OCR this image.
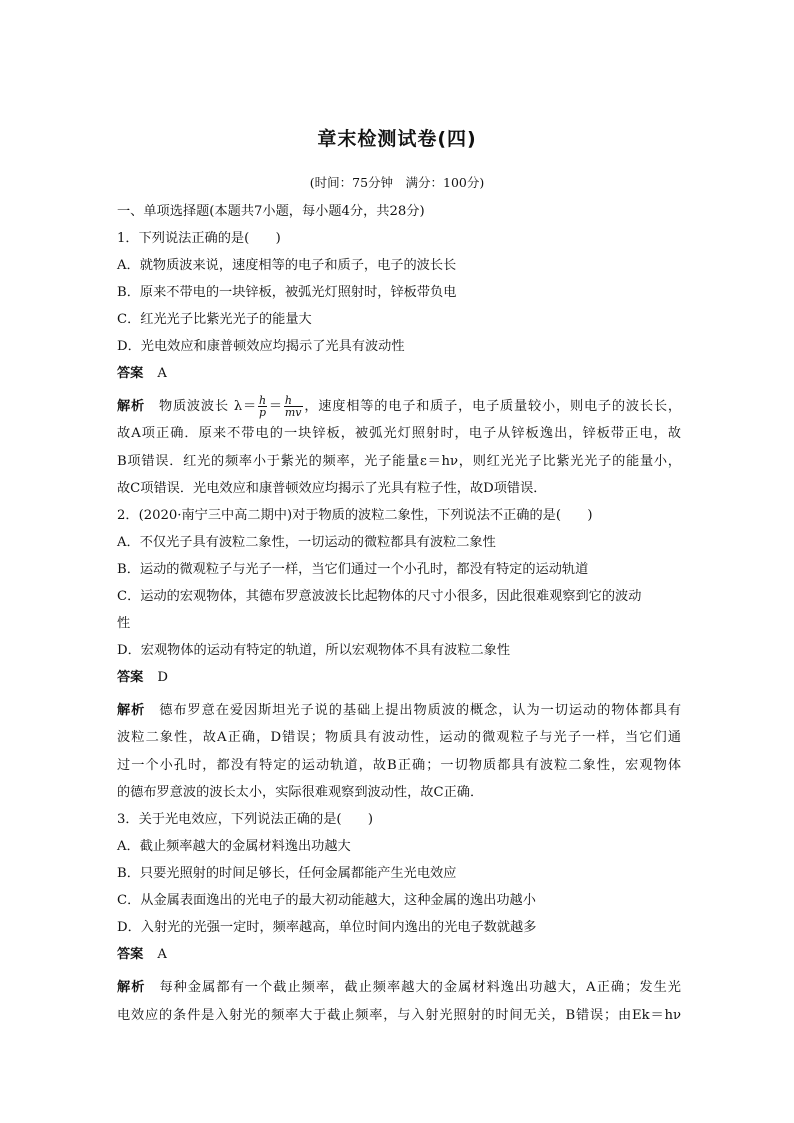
章末检测试卷(四)
(时间：75分钟　满分：100分)
一、单项选择题(本题共7小题，每小题4分，共28分)
1．下列说法正确的是(　　)
A．就物质波来说，速度相等的电子和质子，电子的波长长
B．原来不带电的一块锌板，被弧光灯照射时，锌板带负电
C．红光光子比紫光光子的能量大
D．光电效应和康普顿效应均揭示了光具有波动性
答案 A
解析 物质波波长 $\lambda= \frac{h}{p} = \frac{h}{mv}$ ，速度相等的电子和质子，电子质量较小，则电子的波长长，
故A项正确．原来不带电的一块锌板，被弧光灯照射时，电子从锌板逸出，锌板带正电，故
B项错误．红光的频率小于紫光的频率，光子能量ε＝hν，则红光光子比紫光光子的能量小，
故C项错误．光电效应和康普顿效应均揭示了光具有粒子性，故D项错误．
2．(2020·南宁三中高二期中)对于物质的波粒二象性，下列说法不正确的是(　　)
A．不仅光子具有波粒二象性，一切运动的微粒都具有波粒二象性
B．运动的微观粒子与光子一样，当它们通过一个小孔时，都没有特定的运动轨道
C．运动的宏观物体，其德布罗意波波长比起物体的尺寸小很多，因此很难观察到它的波动
性
D．宏观物体的运动有特定的轨道，所以宏观物体不具有波粒二象性
答案 D
解析 德布罗意在爱因斯坦光子说的基础上提出物质波的概念，认为一切运动的物体都具有
波粒二象性，故A正确，D错误；物质具有波动性，运动的微观粒子与光子一样，当它们通
过一个小孔时，都没有特定的运动轨道，故B正确；一切物质都具有波粒二象性，宏观物体
的德布罗意波的波长太小，实际很难观察到波动性，故C正确．
3．关于光电效应，下列说法正确的是(　　)
A．截止频率越大的金属材料逸出功越大
B．只要光照射的时间足够长，任何金属都能产生光电效应
C．从金属表面逸出的光电子的最大初动能越大，这种金属的逸出功越小
D．入射光的光强一定时，频率越高，单位时间内逸出的光电子数就越多
答案 A
解析 每种金属都有一个截止频率，截止频率越大的金属材料逸出功越大，A正确；发生光
电效应的条件是入射光的频率大于截止频率，与入射光照射的时间无关，B错误；由Ek＝hν
